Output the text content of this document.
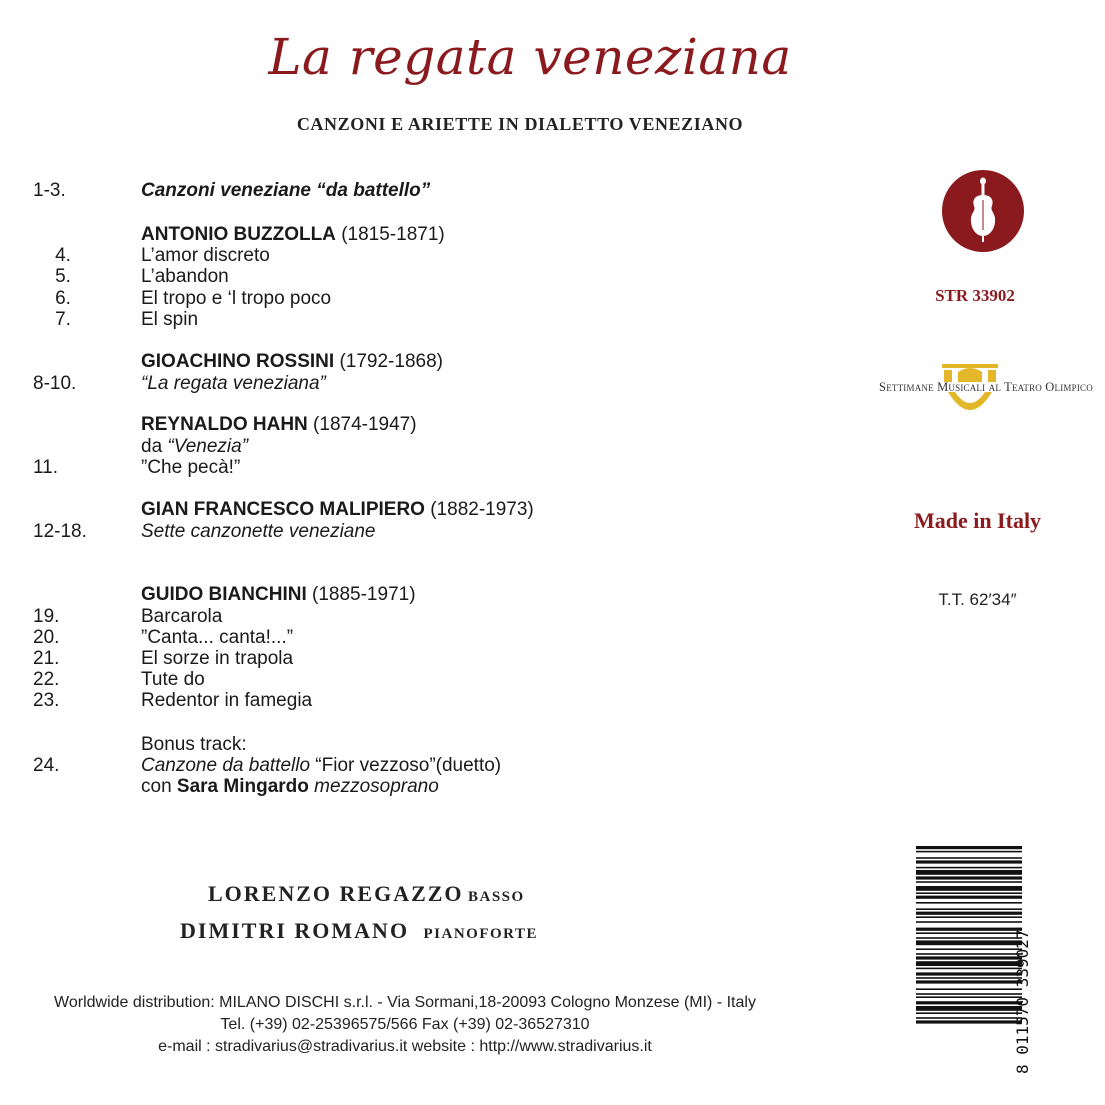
La regata veneziana
CANZONI E ARIETTE IN DIALETTO VENEZIANO
1-3.	Canzoni veneziane “da battello”
ANTONIO BUZZOLLA (1815-1871)
4.	L’amor discreto
5.	L’abandon
6.	El tropo e ‘l tropo poco
7.	El spin
GIOACHINO ROSSINI (1792-1868)
8-10.	“La regata veneziana”
REYNALDO HAHN (1874-1947)
da “Venezia”
11.	”Che pecà!”
GIAN FRANCESCO MALIPIERO (1882-1973)
12-18.	Sette canzonette veneziane
GUIDO BIANCHINI (1885-1971)
19.	Barcarola
20.	”Canta... canta!...”
21.	El sorze in trapola
22.	Tute do
23.	Redentor in famegia
Bonus track:
24.	Canzone da battello “Fior vezzoso”(duetto)
con Sara Mingardo mezzosoprano
STR 33902
Settimane Musicali al Teatro Olimpico
Made in Italy
T.T. 62′34″
LORENZO REGAZZO BASSO
DIMITRI ROMANO PIANOFORTE	8 011570 339027
Worldwide distribution: MILANO DISCHI s.r.l. - Via Sormani,18-20093 Cologno Monzese (MI) - Italy
Tel. (+39) 02-25396575/566 Fax (+39) 02-36527310
e-mail : stradivarius@stradivarius.it website : http://www.stradivarius.it
